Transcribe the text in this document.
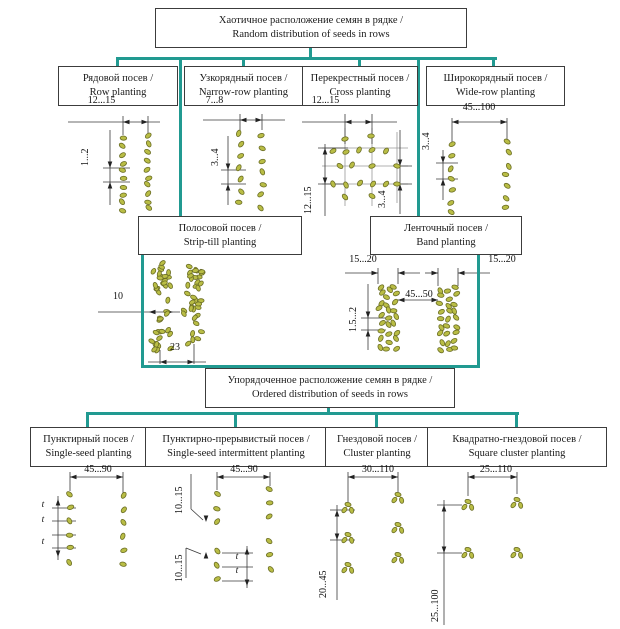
Хаотичное расположение семян в рядке /
Random distribution of seeds in rows
Рядовой посев /
Row planting
Узкорядный посев /
Narrow-row planting
Перекрестный посев /
Cross planting
Широкорядный посев /
Wide-row planting
Полосовой посев /
Strip-till planting
Ленточный посев /
Band planting
Упорядоченное расположение семян в рядке /
Ordered distribution of seeds in rows
Пунктирный посев /
Single-seed planting
Пунктирно-прерывистый посев /
Single-seed intermittent planting
Гнездовой посев /
Cluster planting
Квадратно-гнездовой посев /
Square cluster planting
12...15	7...8	12...15
45...100
1...2	3...4
12...15	3...4
3...4
10
23
15...20	15...20
45...50
1.5...2
45...90	45...90	30...110	25...110
10...15
10...15
20...45
25...100
t
t
t
t
t
